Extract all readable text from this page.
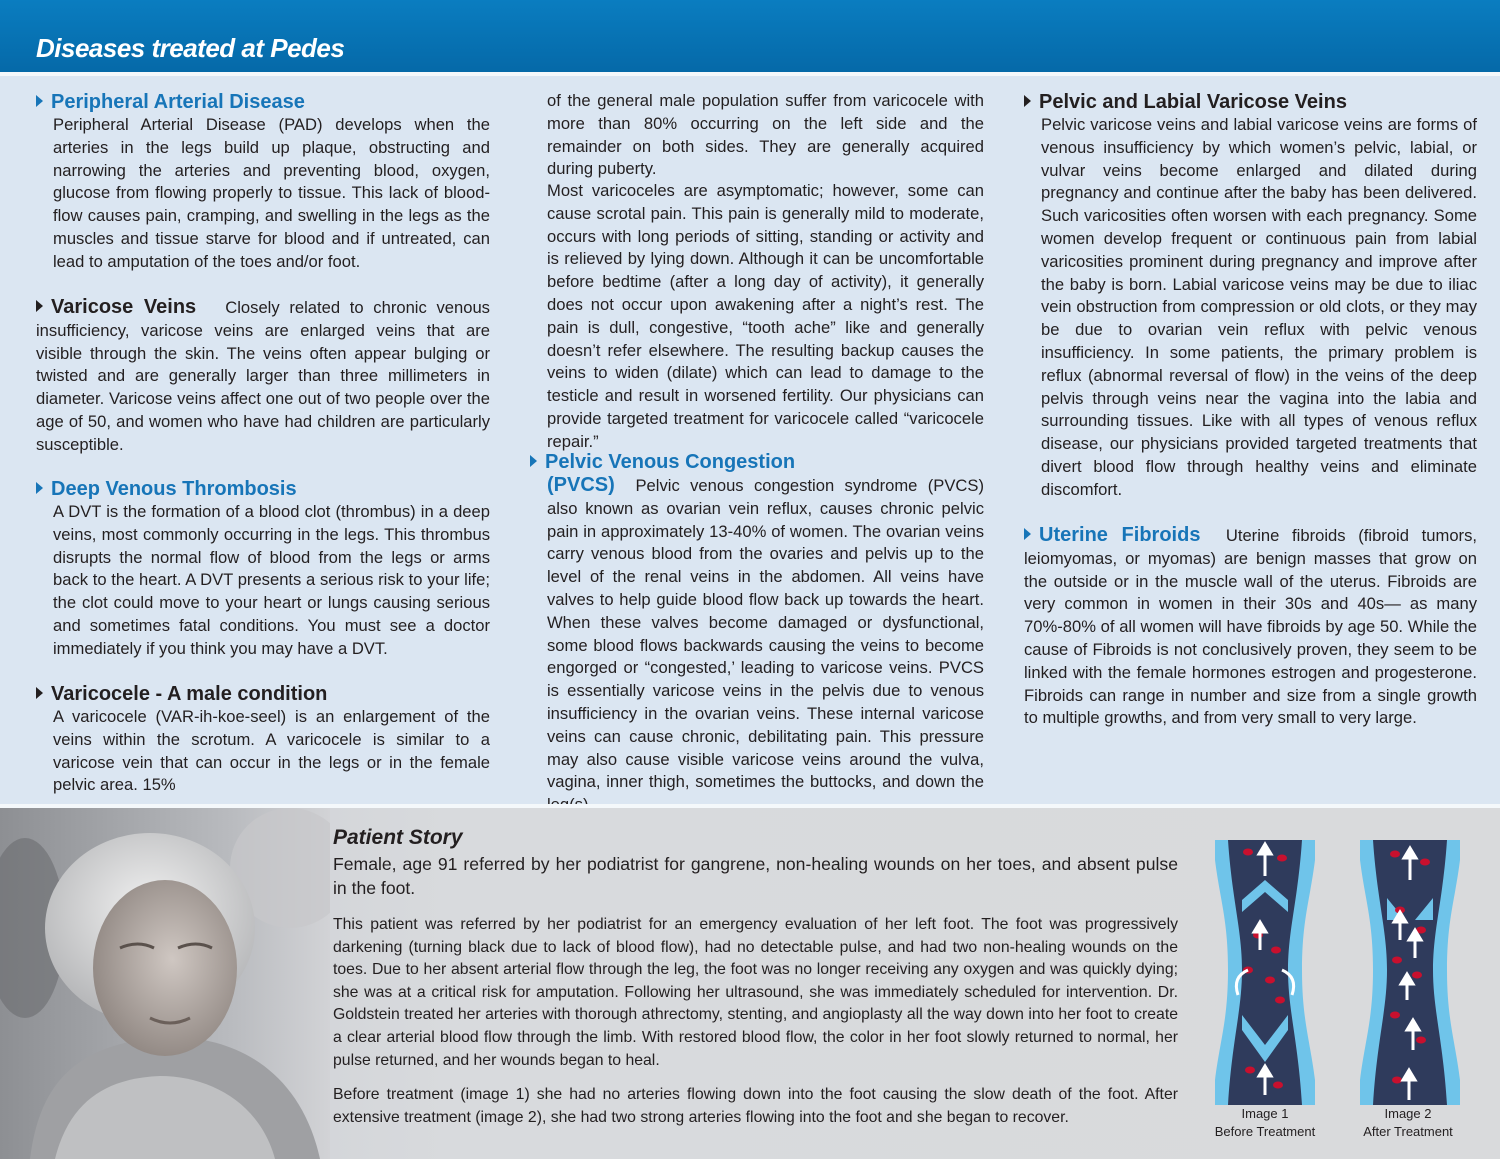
Diseases treated at Pedes
Peripheral Arterial Disease

Peripheral Arterial Disease (PAD) develops when the arteries in the legs build up plaque, obstructing and narrowing the arteries and preventing blood, oxygen, glucose from flowing properly to tissue. This lack of blood-flow causes pain, cramping, and swelling in the legs as the muscles and tissue starve for blood and if untreated, can lead to amputation of the toes and/or foot.

Varicose Veins Closely related to chronic venous insufficiency, varicose veins are enlarged veins that are visible through the skin. The veins often appear bulging or twisted and are generally larger than three millimeters in diameter. Varicose veins affect one out of two people over the age of 50, and women who have had children are particularly susceptible.

Deep Venous Thrombosis

A DVT is the formation of a blood clot (thrombus) in a deep veins, most commonly occurring in the legs. This thrombus disrupts the normal flow of blood from the legs or arms back to the heart. A DVT presents a serious risk to your life; the clot could move to your heart or lungs causing serious and sometimes fatal conditions. You must see a doctor immediately if you think you may have a DVT.

Varicocele - A male condition

A varicocele (VAR-ih-koe-seel) is an enlargement of the veins within the scrotum. A varicocele is similar to a varicose vein that can occur in the legs or in the female pelvic area. 15%

of the general male population suffer from varicocele with more than 80% occurring on the left side and the remainder on both sides. They are generally acquired during puberty.

Most varicoceles are asymptomatic; however, some can cause scrotal pain. This pain is generally mild to moderate, occurs with long periods of sitting, standing or activity and is relieved by lying down. Although it can be uncomfortable before bedtime (after a long day of activity), it generally does not occur upon awakening after a night’s rest. The pain is dull, congestive, “tooth ache” like and generally doesn’t refer elsewhere. The resulting backup causes the veins to widen (dilate) which can lead to damage to the testicle and result in worsened fertility. Our physicians can provide targeted treatment for varicocele called “varicocele repair.”

Pelvic Venous Congestion

(PVCS) Pelvic venous congestion syndrome (PVCS) also known as ovarian vein reflux, causes chronic pelvic pain in approximately 13-40% of women. The ovarian veins carry venous blood from the ovaries and pelvis up to the level of the renal veins in the abdomen. All veins have valves to help guide blood flow back up towards the heart. When these valves become damaged or dysfunctional, some blood flows backwards causing the veins to become engorged or “congested,’ leading to varicose veins. PVCS is essentially varicose veins in the pelvis due to venous insufficiency in the ovarian veins. These internal varicose veins can cause chronic, debilitating pain. This pressure may also cause visible varicose veins around the vulva, vagina, inner thigh, sometimes the buttocks, and down the

Pelvic and Labial Varicose Veins

Pelvic varicose veins and labial varicose veins are forms of venous insufficiency by which women’s pelvic, labial, or vulvar veins become enlarged and dilated during pregnancy and continue after the baby has been delivered. Such varicosities often worsen with each pregnancy. Some women develop frequent or continuous pain from labial varicosities prominent during pregnancy and improve after the baby is born. Labial varicose veins may be due to iliac vein obstruction from compression or old clots, or they may be due to ovarian vein reflux with pelvic venous insufficiency. In some patients, the primary problem is reflux (abnormal reversal of flow) in the veins of the deep pelvis through veins near the vagina into the labia and surrounding tissues. Like with all types of venous reflux disease, our physicians provided targeted treatments that divert blood flow through healthy veins and eliminate discomfort.

Uterine Fibroids Uterine fibroids (fibroid tumors, leiomyomas, or myomas) are benign masses that grow on the outside or in the muscle wall of the uterus. Fibroids are very common in women in their 30s and 40s— as many 70%-80% of all women will have fibroids by age 50. While the cause of Fibroids is not conclusively proven, they seem to be linked with the female hormones estrogen and progesterone. Fibroids can range in number and size from a single growth to multiple growths, and from very small to very large.

Patient Story

Female, age 91 referred by her podiatrist for gangrene, non-healing wounds on her toes, and absent pulse in the foot.

This patient was referred by her podiatrist for an emergency evaluation of her left foot. The foot was progressively darkening (turning black due to lack of blood flow), had no detectable pulse, and had two non-healing wounds on the toes. Due to her absent arterial flow through the leg, the foot was no longer receiving any oxygen and was quickly dying; she was at a critical risk for amputation. Following her ultrasound, she was immediately scheduled for intervention. Dr. Goldstein treated her arteries with thorough athrectomy, stenting, and angioplasty all the way down into her foot to create a clear arterial blood flow through the limb. With restored blood flow, the color in her foot slowly returned to normal, her pulse returned, and her wounds began to heal.

Before treatment (image 1) she had no arteries flowing down into the foot causing the slow death of the foot. After extensive treatment (image 2), she had two strong arteries flowing into the foot and she began to recover.	Image 1
Before Treatment
Image 2
After Treatment
